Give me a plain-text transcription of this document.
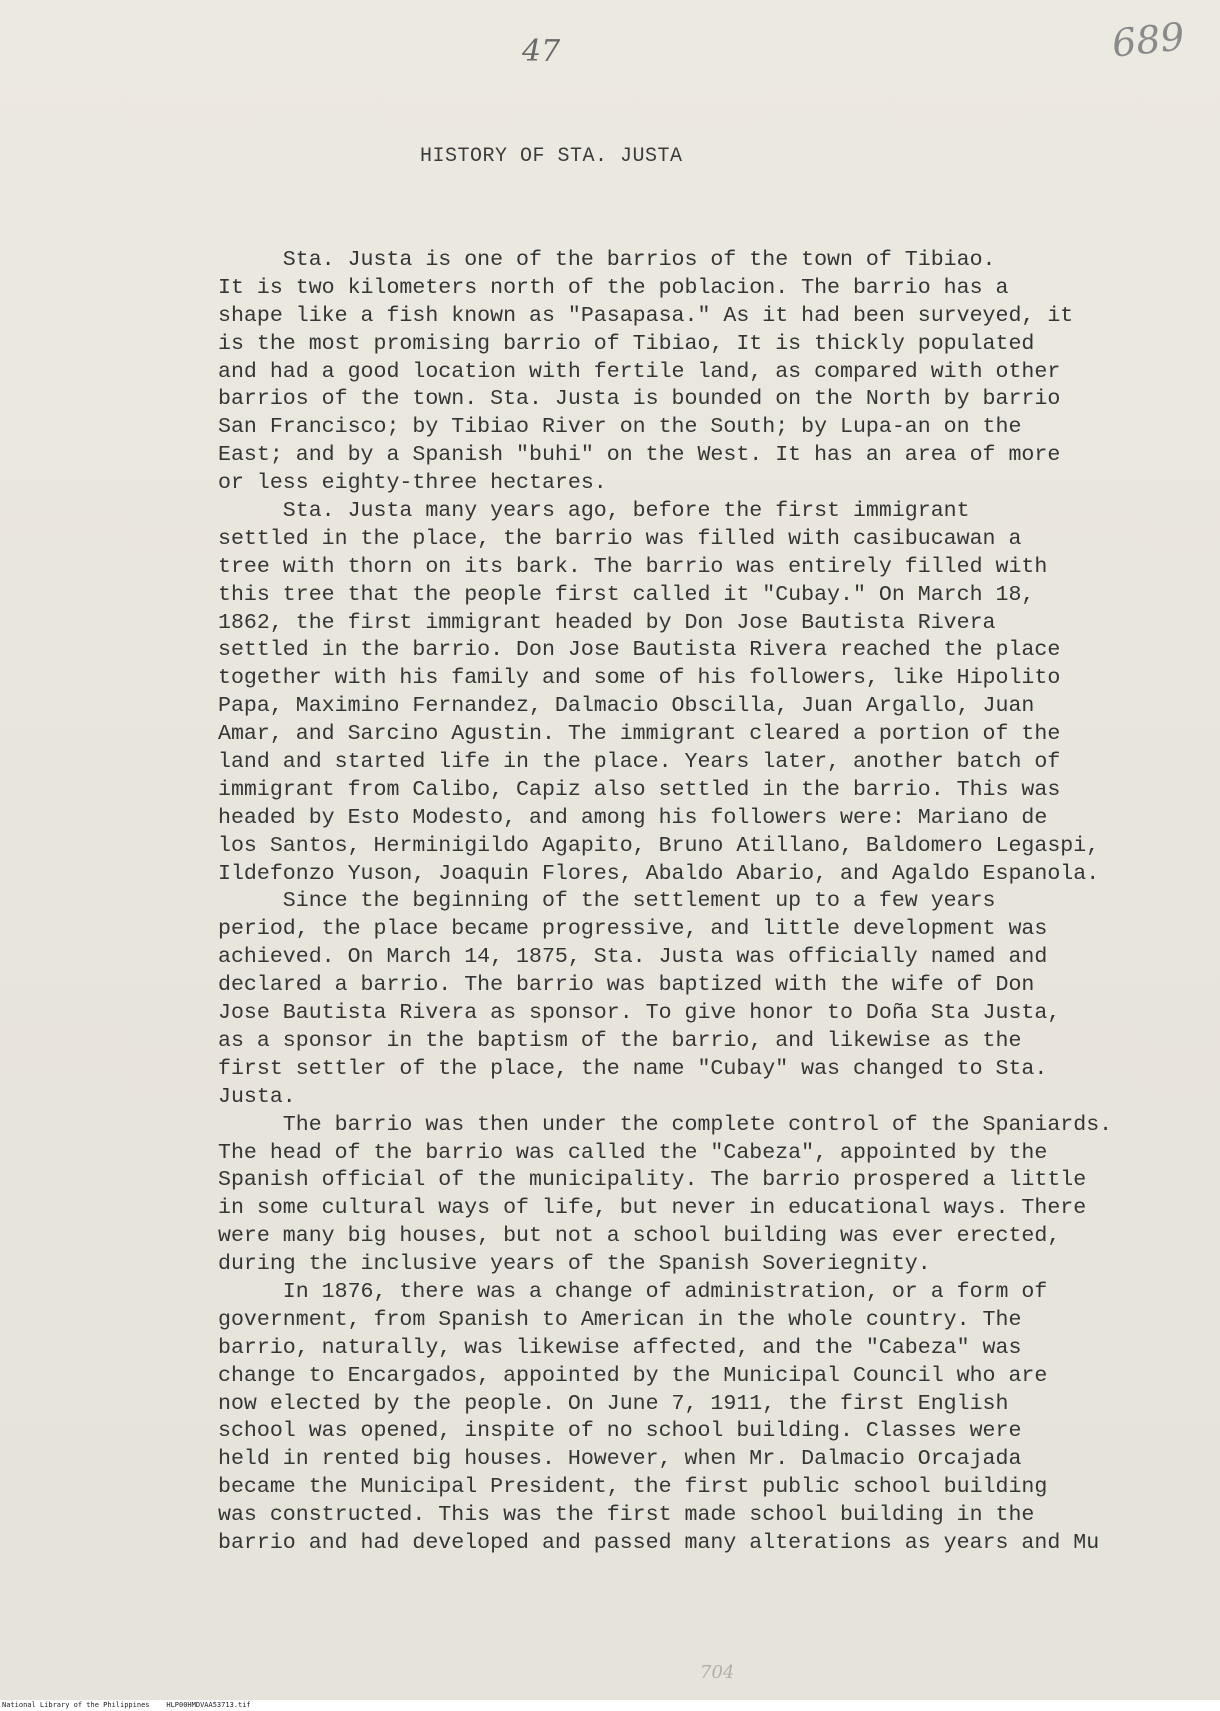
47	689
HISTORY OF STA. JUSTA
Sta. Justa is one of the barrios of the town of Tibiao.
It is two kilometers north of the poblacion. The barrio has a
shape like a fish known as "Pasapasa." As it had been surveyed, it
is the most promising barrio of Tibiao, It is thickly populated
and had a good location with fertile land, as compared with other
barrios of the town. Sta. Justa is bounded on the North by barrio
San Francisco; by Tibiao River on the South; by Lupa-an on the
East; and by a Spanish "buhi" on the West. It has an area of more
or less eighty-three hectares.
Sta. Justa many years ago, before the first immigrant
settled in the place, the barrio was filled with casibucawan a
tree with thorn on its bark. The barrio was entirely filled with
this tree that the people first called it "Cubay." On March 18,
1862, the first immigrant headed by Don Jose Bautista Rivera
settled in the barrio. Don Jose Bautista Rivera reached the place
together with his family and some of his followers, like Hipolito
Papa, Maximino Fernandez, Dalmacio Obscilla, Juan Argallo, Juan
Amar, and Sarcino Agustin. The immigrant cleared a portion of the
land and started life in the place. Years later, another batch of
immigrant from Calibo, Capiz also settled in the barrio. This was
headed by Esto Modesto, and among his followers were: Mariano de
los Santos, Herminigildo Agapito, Bruno Atillano, Baldomero Legaspi,
Ildefonzo Yuson, Joaquin Flores, Abaldo Abario, and Agaldo Espanola.
Since the beginning of the settlement up to a few years
period, the place became progressive, and little development was
achieved. On March 14, 1875, Sta. Justa was officially named and
declared a barrio. The barrio was baptized with the wife of Don
Jose Bautista Rivera as sponsor. To give honor to Doña Sta Justa,
as a sponsor in the baptism of the barrio, and likewise as the
first settler of the place, the name "Cubay" was changed to Sta.
Justa.
The barrio was then under the complete control of the Spaniards.
The head of the barrio was called the "Cabeza", appointed by the
Spanish official of the municipality. The barrio prospered a little
in some cultural ways of life, but never in educational ways. There
were many big houses, but not a school building was ever erected,
during the inclusive years of the Spanish Soveriegnity.
In 1876, there was a change of administration, or a form of
government, from Spanish to American in the whole country. The
barrio, naturally, was likewise affected, and the "Cabeza" was
change to Encargados, appointed by the Municipal Council who are
now elected by the people. On June 7, 1911, the first English
school was opened, inspite of no school building. Classes were
held in rented big houses. However, when Mr. Dalmacio Orcajada
became the Municipal President, the first public school building
was constructed. This was the first made school building in the
barrio and had developed and passed many alterations as years and Mu
704
National Library of the Philippines    HLP00HMDVAA53713.tif
